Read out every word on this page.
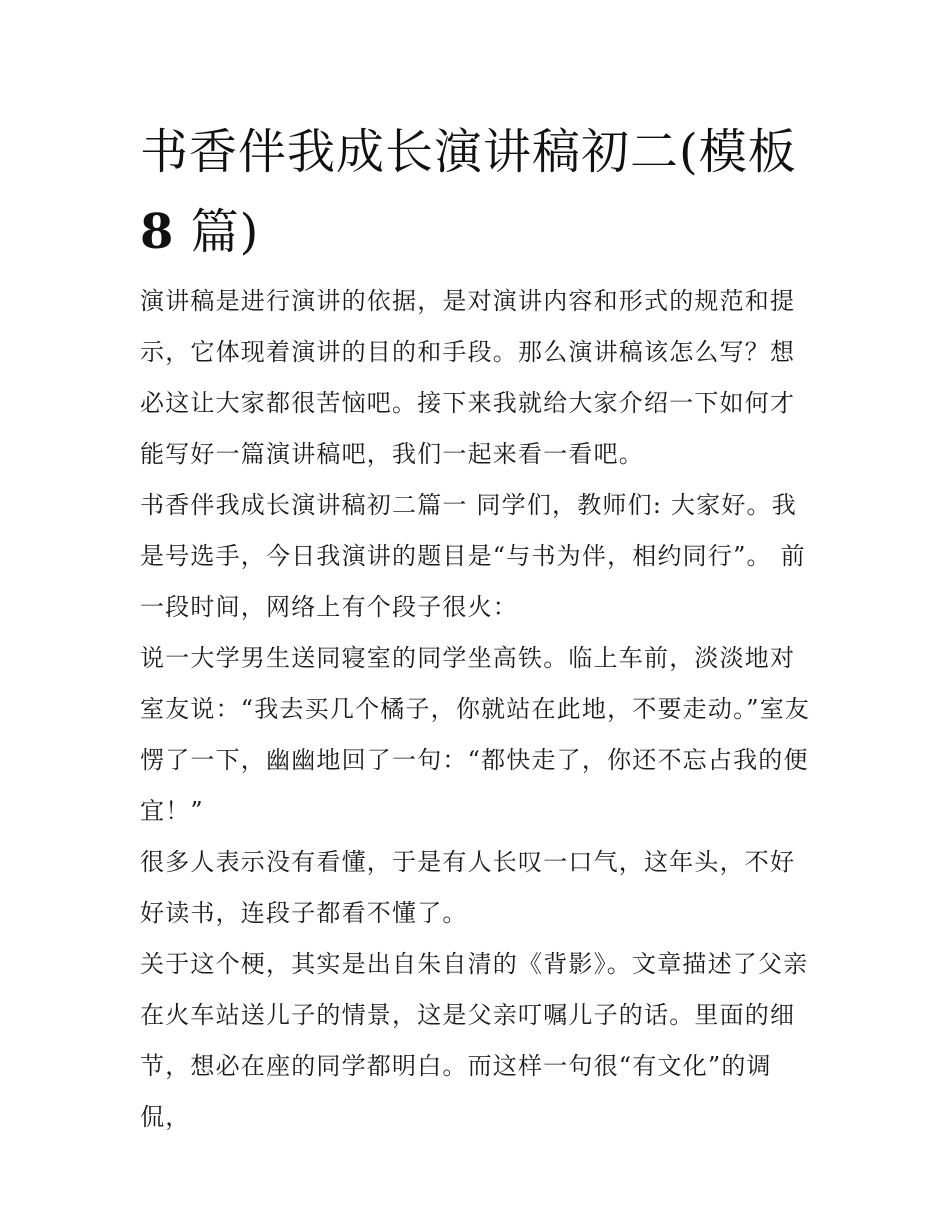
书香伴我成长演讲稿初二(模板
8 篇)

演讲稿是进行演讲的依据，是对演讲内容和形式的规范和提示，它体现着演讲的目的和手段。那么演讲稿该怎么写？想必这让大家都很苦恼吧。接下来我就给大家介绍一下如何才能写好一篇演讲稿吧，我们一起来看一看吧。

书香伴我成长演讲稿初二篇一 同学们，教师们: 大家好。我是号选手，今日我演讲的题目是“与书为伴，相约同行”。 前一段时间，网络上有个段子很火：

说一大学男生送同寝室的同学坐高铁。临上车前，淡淡地对室友说：“我去买几个橘子，你就站在此地，不要走动。”室友愣了一下，幽幽地回了一句：“都快走了，你还不忘占我的便宜！”

很多人表示没有看懂，于是有人长叹一口气，这年头，不好好读书，连段子都看不懂了。

关于这个梗，其实是出自朱自清的《背影》。文章描述了父亲在火车站送儿子的情景，这是父亲叮嘱儿子的话。里面的细节，想必在座的同学都明白。而这样一句很“有文化”的调侃，
